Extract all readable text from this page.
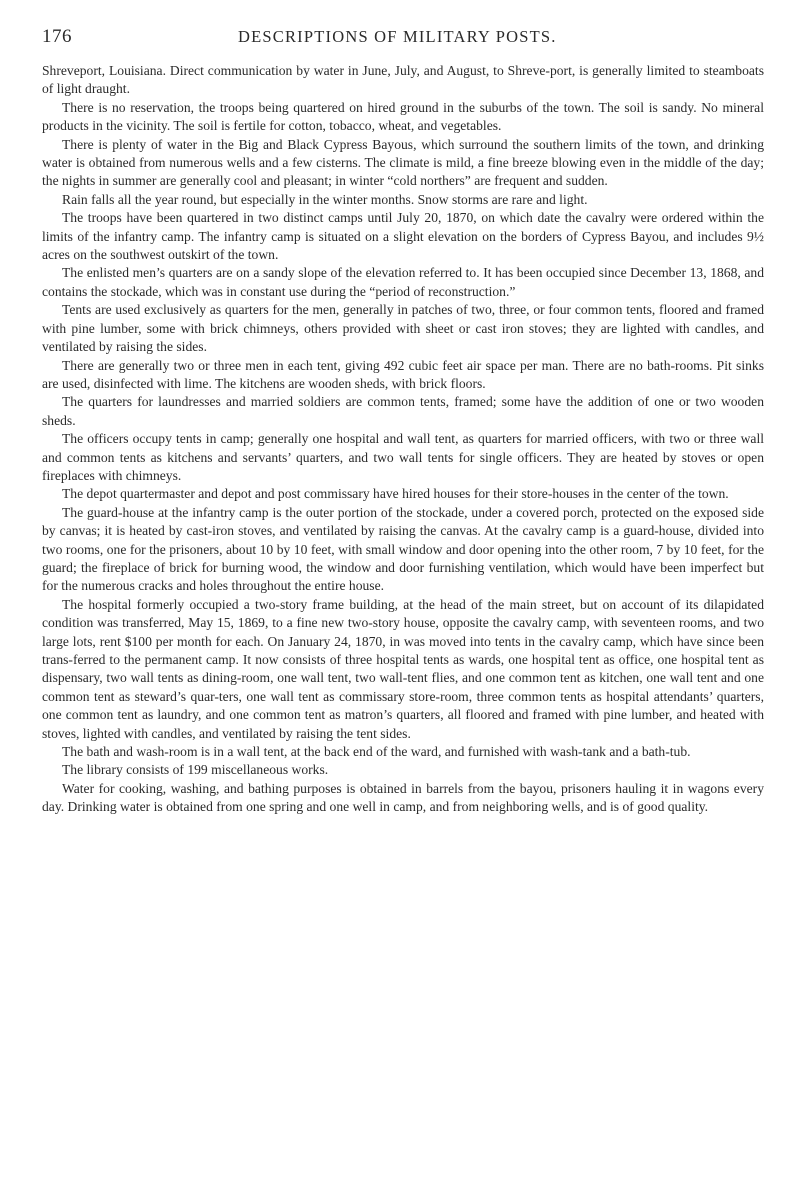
176	DESCRIPTIONS OF MILITARY POSTS.

Shreveport, Louisiana. Direct communication by water in June, July, and August, to Shreve-port, is generally limited to steamboats of light draught.

There is no reservation, the troops being quartered on hired ground in the suburbs of the town. The soil is sandy. No mineral products in the vicinity. The soil is fertile for cotton, tobacco, wheat, and vegetables.

There is plenty of water in the Big and Black Cypress Bayous, which surround the southern limits of the town, and drinking water is obtained from numerous wells and a few cisterns. The climate is mild, a fine breeze blowing even in the middle of the day; the nights in summer are generally cool and pleasant; in winter “cold northers” are frequent and sudden.

Rain falls all the year round, but especially in the winter months. Snow storms are rare and light.

The troops have been quartered in two distinct camps until July 20, 1870, on which date the cavalry were ordered within the limits of the infantry camp. The infantry camp is situated on a slight elevation on the borders of Cypress Bayou, and includes 9½ acres on the southwest outskirt of the town.

The enlisted men’s quarters are on a sandy slope of the elevation referred to. It has been occupied since December 13, 1868, and contains the stockade, which was in constant use during the “period of reconstruction.”

Tents are used exclusively as quarters for the men, generally in patches of two, three, or four common tents, floored and framed with pine lumber, some with brick chimneys, others provided with sheet or cast iron stoves; they are lighted with candles, and ventilated by raising the sides.

There are generally two or three men in each tent, giving 492 cubic feet air space per man. There are no bath-rooms. Pit sinks are used, disinfected with lime. The kitchens are wooden sheds, with brick floors.

The quarters for laundresses and married soldiers are common tents, framed; some have the addition of one or two wooden sheds.

The officers occupy tents in camp; generally one hospital and wall tent, as quarters for married officers, with two or three wall and common tents as kitchens and servants’ quarters, and two wall tents for single officers. They are heated by stoves or open fireplaces with chimneys.

The depot quartermaster and depot and post commissary have hired houses for their store-houses in the center of the town.

The guard-house at the infantry camp is the outer portion of the stockade, under a covered porch, protected on the exposed side by canvas; it is heated by cast-iron stoves, and ventilated by raising the canvas. At the cavalry camp is a guard-house, divided into two rooms, one for the prisoners, about 10 by 10 feet, with small window and door opening into the other room, 7 by 10 feet, for the guard; the fireplace of brick for burning wood, the window and door furnishing ventilation, which would have been imperfect but for the numerous cracks and holes throughout the entire house.

The hospital formerly occupied a two-story frame building, at the head of the main street, but on account of its dilapidated condition was transferred, May 15, 1869, to a fine new two-story house, opposite the cavalry camp, with seventeen rooms, and two large lots, rent $100 per month for each. On January 24, 1870, in was moved into tents in the cavalry camp, which have since been trans-ferred to the permanent camp. It now consists of three hospital tents as wards, one hospital tent as office, one hospital tent as dispensary, two wall tents as dining-room, one wall tent, two wall-tent flies, and one common tent as kitchen, one wall tent and one common tent as steward’s quar-ters, one wall tent as commissary store-room, three common tents as hospital attendants’ quarters, one common tent as laundry, and one common tent as matron’s quarters, all floored and framed with pine lumber, and heated with stoves, lighted with candles, and ventilated by raising the tent sides.

The bath and wash-room is in a wall tent, at the back end of the ward, and furnished with wash-tank and a bath-tub.

The library consists of 199 miscellaneous works.

Water for cooking, washing, and bathing purposes is obtained in barrels from the bayou, prisoners hauling it in wagons every day. Drinking water is obtained from one spring and one well in camp, and from neighboring wells, and is of good quality.
